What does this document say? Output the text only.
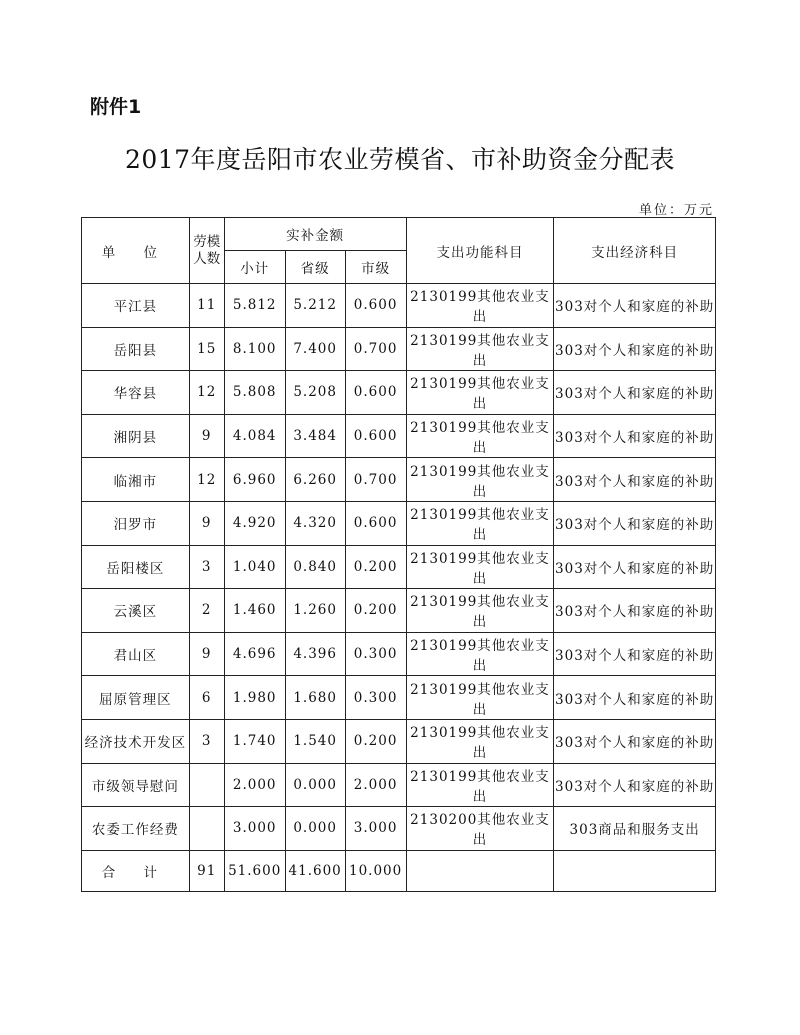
附件1
2017年度岳阳市农业劳模省、市补助资金分配表
单位：万元
单 位	劳模人数	实补金额			支出功能科目	支出经济科目
		小计	省级	市级		
平江县	11	5.812	5.212	0.600	2130199其他农业支出	303对个人和家庭的补助
岳阳县	15	8.100	7.400	0.700	2130199其他农业支出	303对个人和家庭的补助
华容县	12	5.808	5.208	0.600	2130199其他农业支出	303对个人和家庭的补助
湘阴县	9	4.084	3.484	0.600	2130199其他农业支出	303对个人和家庭的补助
临湘市	12	6.960	6.260	0.700	2130199其他农业支出	303对个人和家庭的补助
汨罗市	9	4.920	4.320	0.600	2130199其他农业支出	303对个人和家庭的补助
岳阳楼区	3	1.040	0.840	0.200	2130199其他农业支出	303对个人和家庭的补助
云溪区	2	1.460	1.260	0.200	2130199其他农业支出	303对个人和家庭的补助
君山区	9	4.696	4.396	0.300	2130199其他农业支出	303对个人和家庭的补助
屈原管理区	6	1.980	1.680	0.300	2130199其他农业支出	303对个人和家庭的补助
经济技术开发区	3	1.740	1.540	0.200	2130199其他农业支出	303对个人和家庭的补助
市级领导慰问		2.000	0.000	2.000	2130199其他农业支出	303对个人和家庭的补助
农委工作经费		3.000	0.000	3.000	2130200其他农业支出	303商品和服务支出
合 计	91	51.600	41.600	10.000		
